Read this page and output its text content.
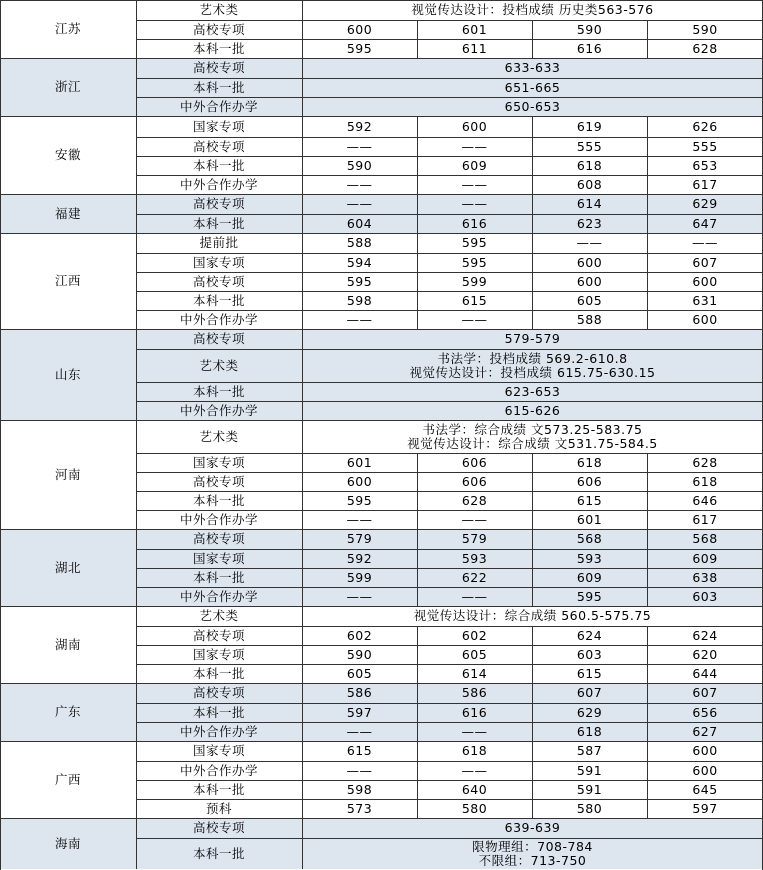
江苏
艺术类	视觉传达设计：投档成绩 历史类563-576
高校专项	600	601	590	590
本科一批	595	611	616	628
浙江
高校专项	633-633
本科一批	651-665
中外合作办学	650-653
安徽
国家专项	592	600	619	626
高校专项	——	——	555	555
本科一批	590	609	618	653
中外合作办学	——	——	608	617
福建
高校专项	——	——	614	629
本科一批	604	616	623	647
江西
提前批	588	595	——	——
国家专项	594	595	600	607
高校专项	595	599	600	600
本科一批	598	615	605	631
中外合作办学	——	——	588	600
山东
高校专项	579-579
艺术类	书法学：投档成绩 569.2-610.8
视觉传达设计：投档成绩 615.75-630.15
本科一批	623-653
中外合作办学	615-626
河南
艺术类	书法学：综合成绩 文573.25-583.75
视觉传达设计：综合成绩 文531.75-584.5
国家专项	601	606	618	628
高校专项	600	606	606	618
本科一批	595	628	615	646
中外合作办学	——	——	601	617
湖北
高校专项	579	579	568	568
国家专项	592	593	593	609
本科一批	599	622	609	638
中外合作办学	——	——	595	603
湖南
艺术类	视觉传达设计：综合成绩 560.5-575.75
高校专项	602	602	624	624
国家专项	590	605	603	620
本科一批	605	614	615	644
广东
高校专项	586	586	607	607
本科一批	597	616	629	656
中外合作办学	——	——	618	627
广西
国家专项	615	618	587	600
中外合作办学	——	——	591	600
本科一批	598	640	591	645
预科	573	580	580	597
海南
高校专项	639-639
本科一批	限物理组：708-784
不限组：713-750
